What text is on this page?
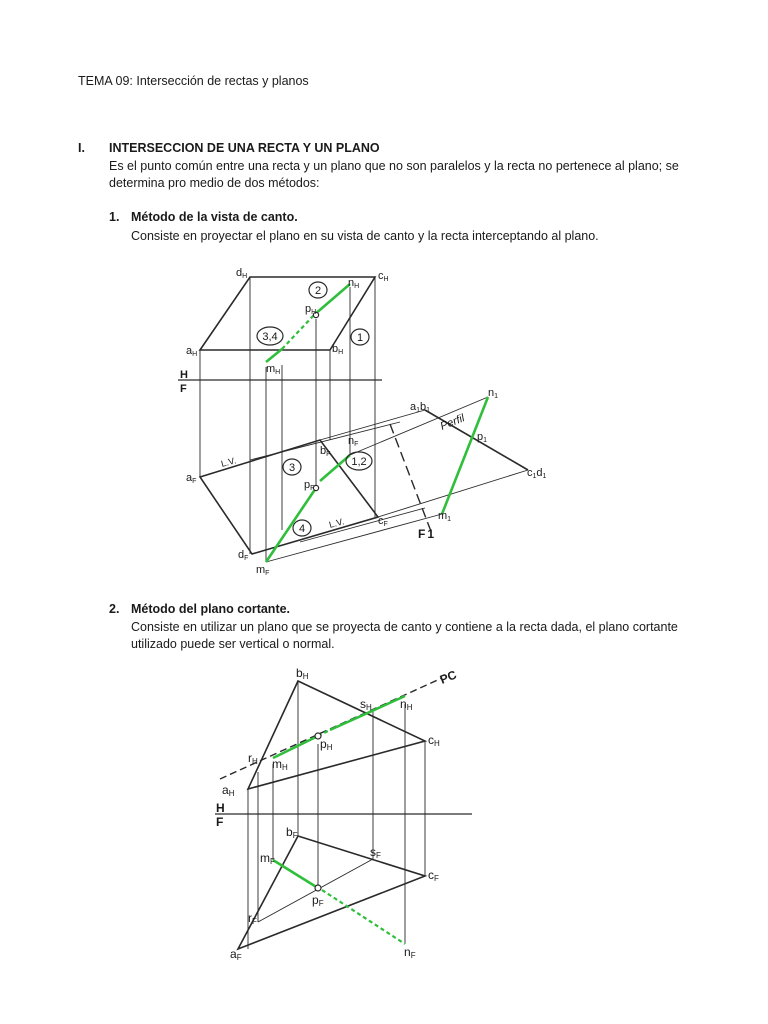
TEMA 09: Intersección de rectas y planos
I. INTERSECCION DE UNA RECTA Y UN PLANO
Es el punto común entre una recta y un plano que no son paralelos y la recta no pertenece al plano; se determina pro medio de dos métodos:
1. Método de la vista de canto.
Consiste en proyectar el plano en su vista de canto y la recta interceptando al plano.
2
1
3,4
3	1,2
4
dH	cH
nH
pH
aH	bH
mH
H
F
a1b1
n1
p1
Perfil
c1d1
m1
F 1
nF
bF
aF	pF
cF
dF
mF
L.V.
L.V.
2. Método del plano cortante.
Consiste en utilizar un plano que se proyecta de canto y contiene a la recta dada, el plano cortante utilizado puede ser vertical o normal.
bH	PC
sH nH
cH
pH
rH mH
aH
H
F
bF
sF
mF
cF
pF
rF
aF	nF
